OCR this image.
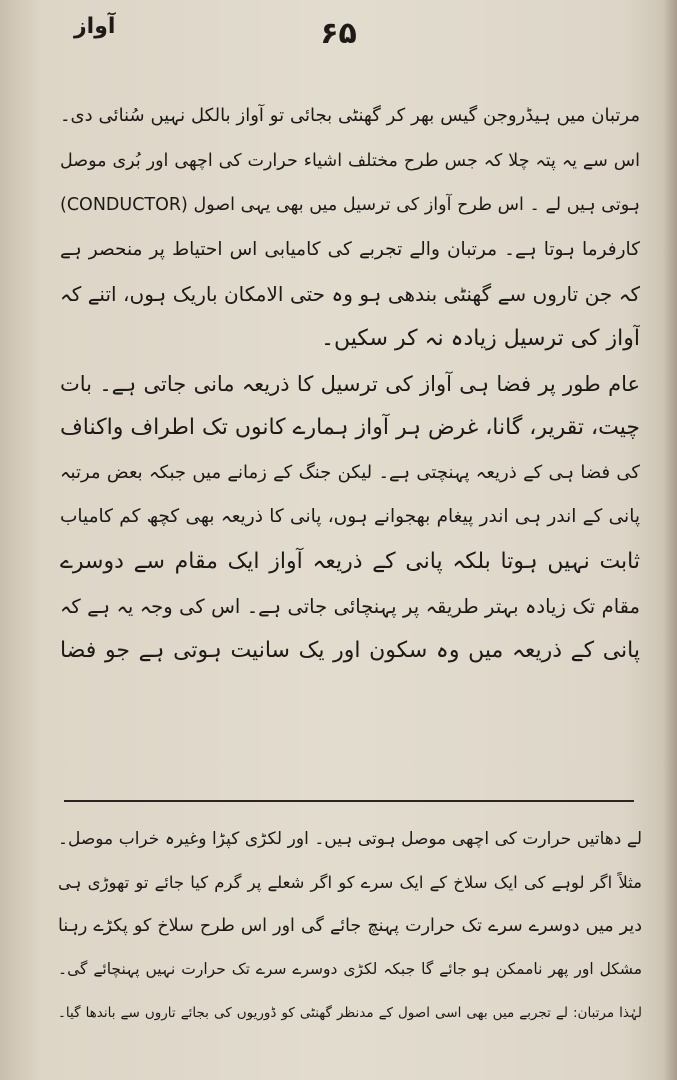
آواز	۶۵
مرتبان میں ہیڈروجن گیس بھر کر گھنٹی بجائی تو آواز بالکل نہیں سُنائی دی۔
اس سے یہ پتہ چلا کہ جس طرح مختلف اشیاء حرارت کی اچھی اور بُری موصل
ہوتی ہیں لے ۔ اس طرح آواز کی ترسیل میں بھی یہی اصول (CONDUCTOR)
کارفرما ہوتا ہے۔ مرتبان والے تجربے کی کامیابی اس احتیاط پر منحصر ہے
کہ جن تاروں سے گھنٹی بندھی ہو وہ حتی الامکان باریک ہوں، اتنے کہ
آواز کی ترسیل زیادہ نہ کر سکیں۔
عام طور پر فضا ہی آواز کی ترسیل کا ذریعہ مانی جاتی ہے۔ بات
چیت، تقریر، گانا، غرض ہر آواز ہمارے کانوں تک اطراف واکناف
کی فضا ہی کے ذریعہ پہنچتی ہے۔ لیکن جنگ کے زمانے میں جبکہ بعض مرتبہ
پانی کے اندر ہی اندر پیغام بھجوانے ہوں، پانی کا ذریعہ بھی کچھ کم کامیاب
ثابت نہیں ہوتا بلکہ پانی کے ذریعہ آواز ایک مقام سے دوسرے
مقام تک زیادہ بہتر طریقہ پر پہنچائی جاتی ہے۔ اس کی وجہ یہ ہے کہ
پانی کے ذریعہ میں وہ سکون اور یک سانیت ہوتی ہے جو فضا
لے دھاتیں حرارت کی اچھی موصل ہوتی ہیں۔ اور لکڑی کپڑا وغیرہ خراب موصل۔
مثلاً اگر لوہے کی ایک سلاخ کے ایک سرے کو اگر شعلے پر گرم کیا جائے تو تھوڑی ہی
دیر میں دوسرے سرے تک حرارت پہنچ جائے گی اور اس طرح سلاخ کو پکڑے رہنا
مشکل اور پھر ناممکن ہو جائے گا جبکہ لکڑی دوسرے سرے تک حرارت نہیں پہنچائے گی۔
لہٰذا مرتبان: لے تجربے میں بھی اسی اصول کے مدنظر گھنٹی کو ڈوریوں کی بجائے تاروں سے باندھا گیا۔
